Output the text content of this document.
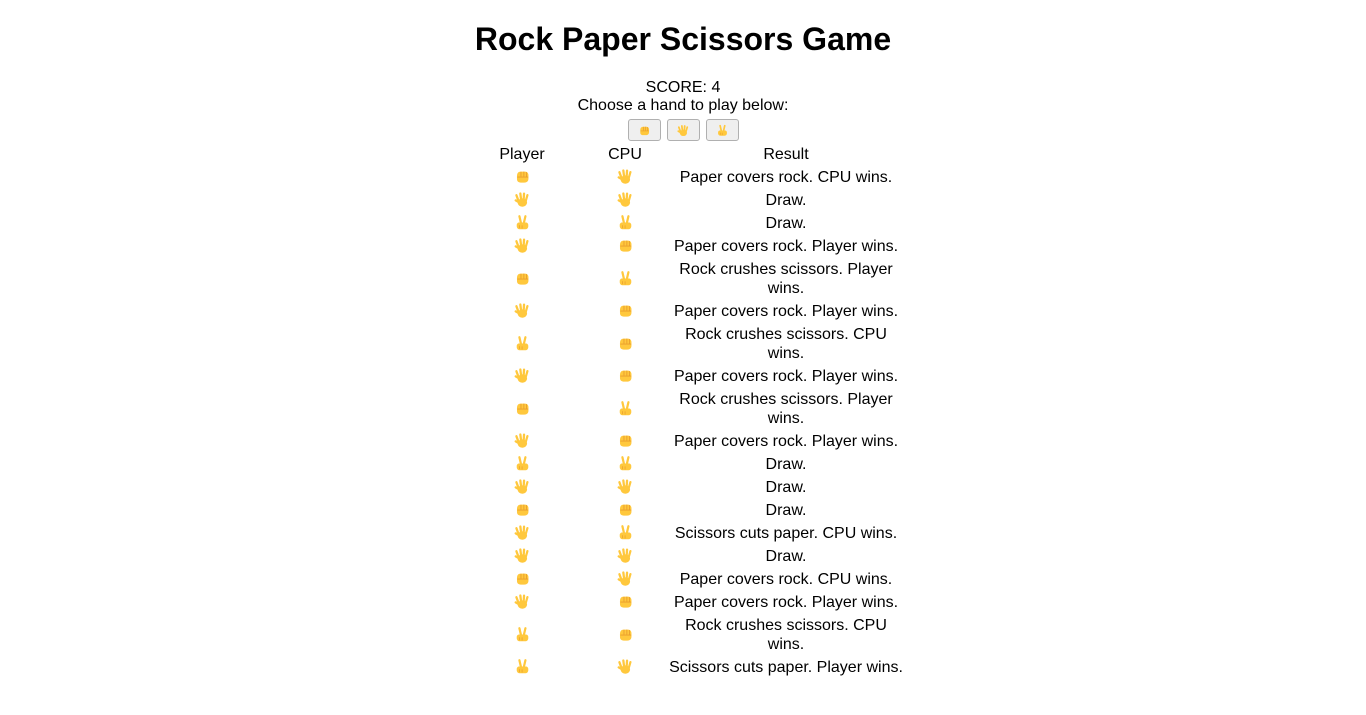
Rock Paper Scissors Game
SCORE: 4
Choose a hand to play below:
Player	CPU	Result
		Paper covers rock. CPU wins.
		Draw.
		Draw.
		Paper covers rock. Player wins.
		Rock crushes scissors. Player wins.
		Paper covers rock. Player wins.
		Rock crushes scissors. CPU wins.
		Paper covers rock. Player wins.
		Rock crushes scissors. Player wins.
		Paper covers rock. Player wins.
		Draw.
		Draw.
		Draw.
		Scissors cuts paper. CPU wins.
		Draw.
		Paper covers rock. CPU wins.
		Paper covers rock. Player wins.
		Rock crushes scissors. CPU wins.
		Scissors cuts paper. Player wins.
